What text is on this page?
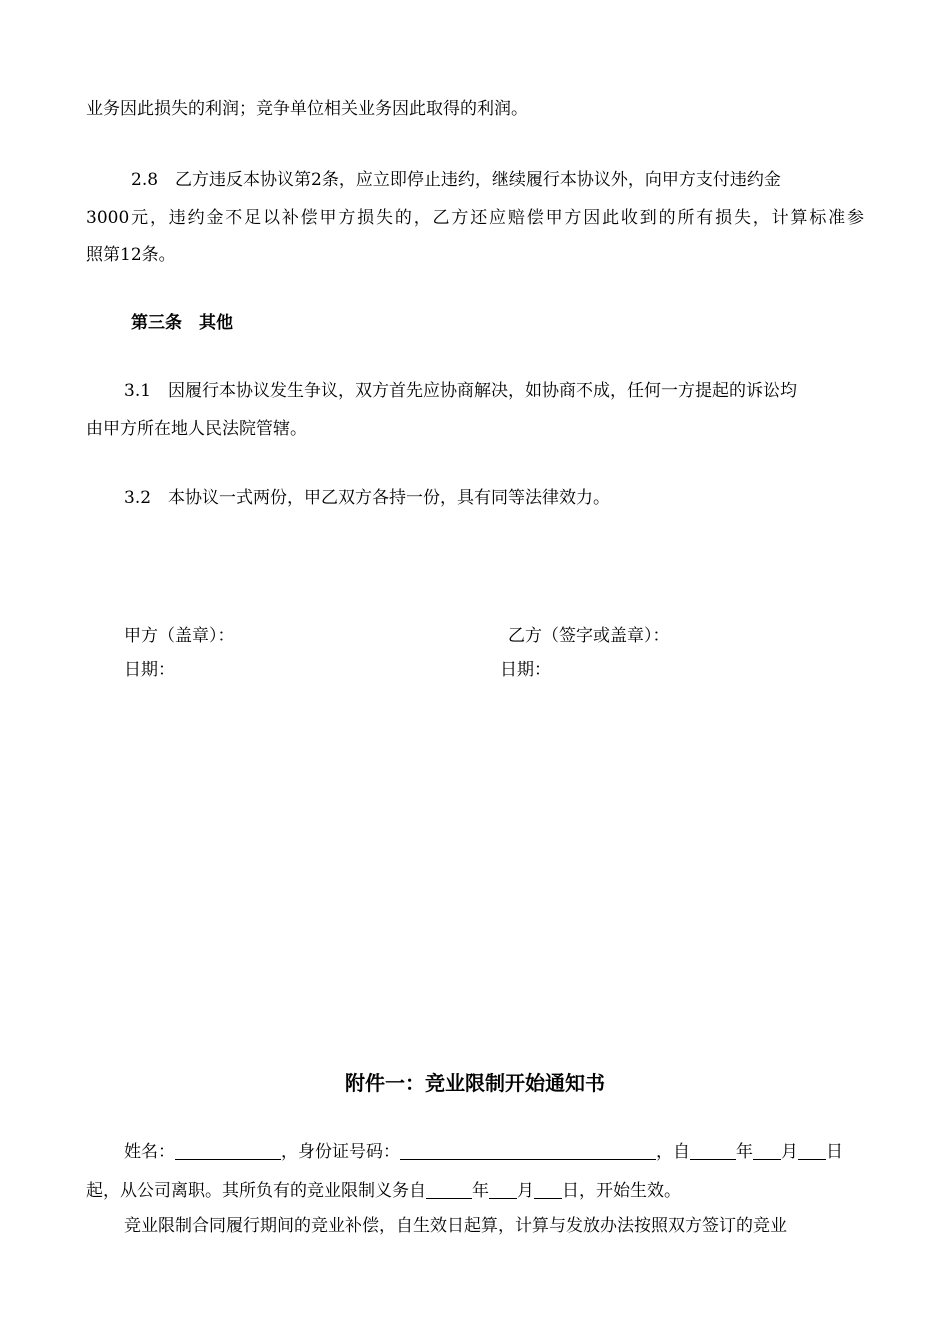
业务因此损失的利润；竞争单位相关业务因此取得的利润。
2.8　乙方违反本协议第2条，应立即停止违约，继续履行本协议外，向甲方支付违约金
3000元，违约金不足以补偿甲方损失的，乙方还应赔偿甲方因此收到的所有损失，计算标准参
照第12条。
第三条　其他
3.1　因履行本协议发生争议，双方首先应协商解决，如协商不成，任何一方提起的诉讼均
由甲方所在地人民法院管辖。
3.2　本协议一式两份，甲乙双方各持一份，具有同等法律效力。
甲方（盖章）：
日期：
乙方（签字或盖章）：
日期：
附件一：竞业限制开始通知书
姓名：	，身份证号码：	，自	年 月 日
起，从公司离职。其所负有的竞业限制义务自	年 月 日，开始生效。
竞业限制合同履行期间的竞业补偿，自生效日起算，计算与发放办法按照双方签订的竞业
